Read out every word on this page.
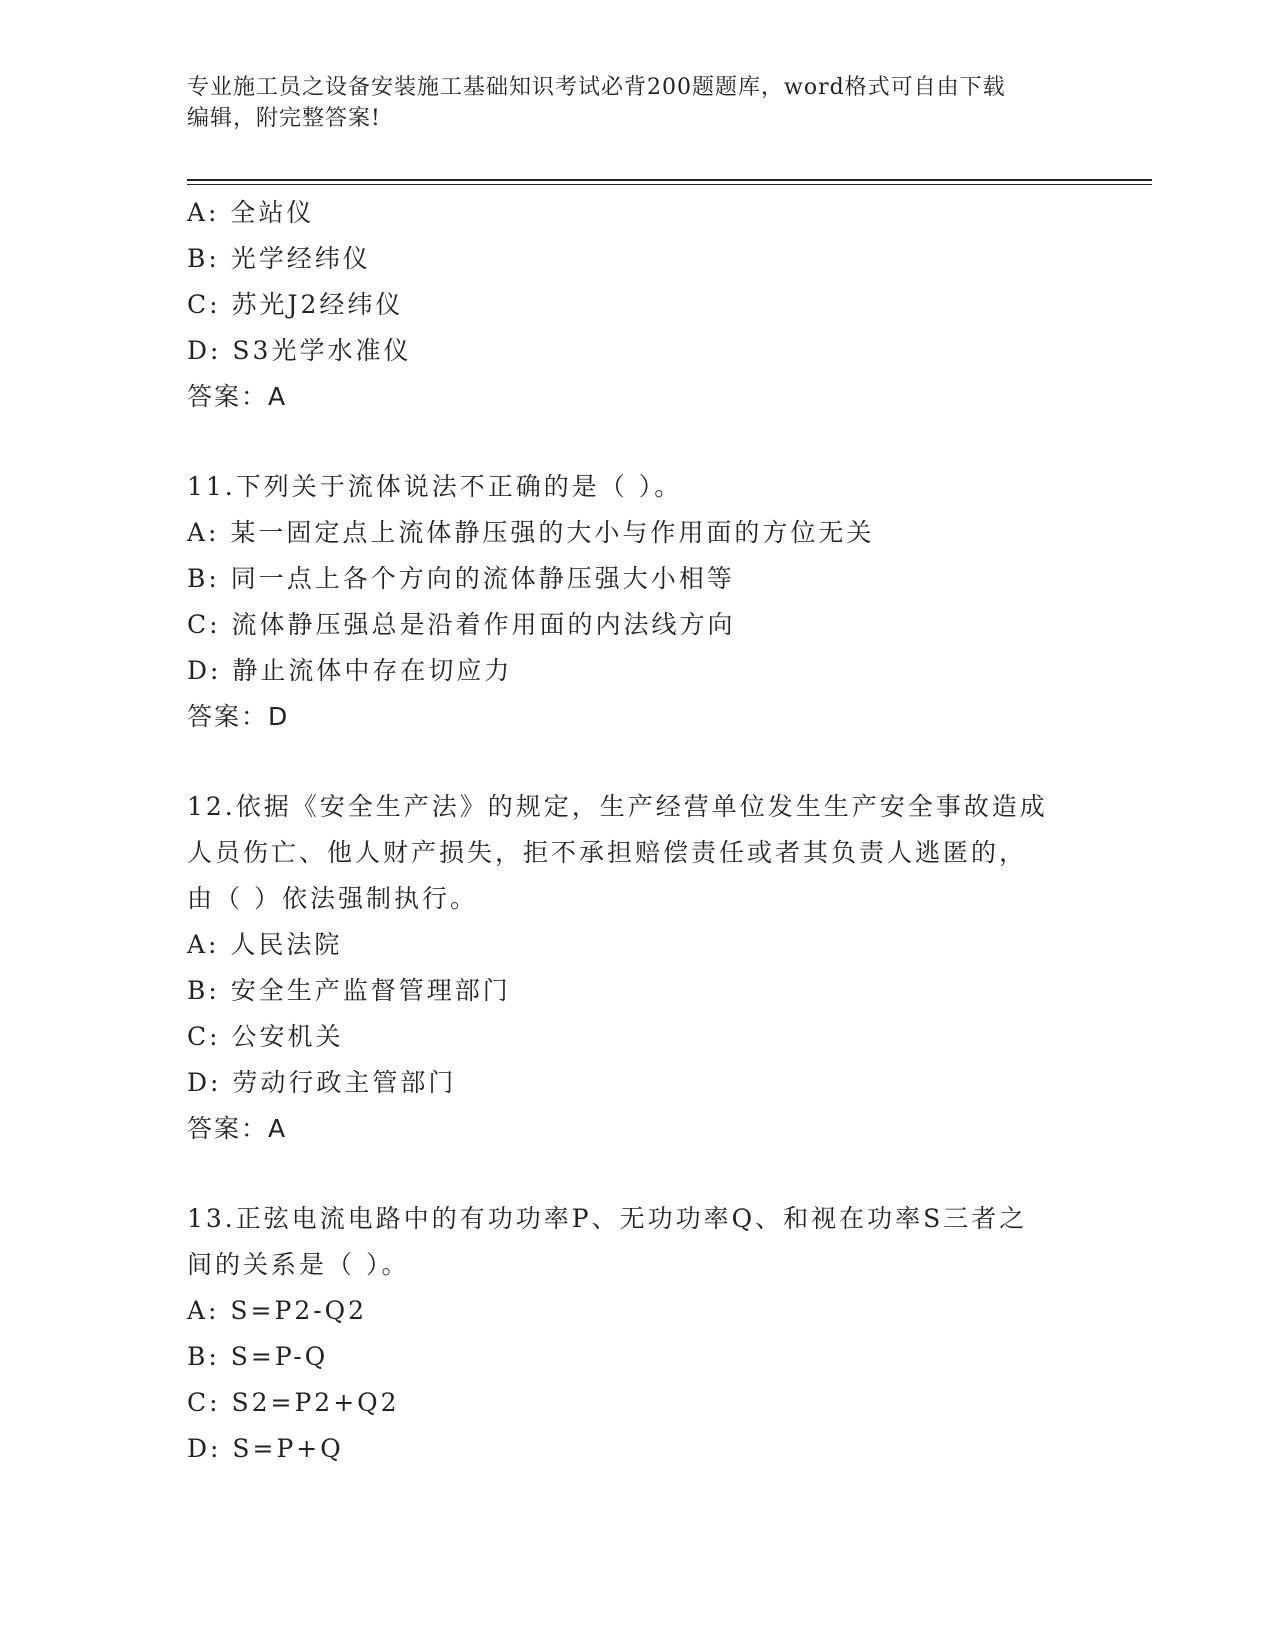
专业施工员之设备安装施工基础知识考试必背200题题库，word格式可自由下载
编辑，附完整答案!
A: 全站仪
B: 光学经纬仪
C: 苏光J2经纬仪
D: S3光学水准仪
答案：A
11.下列关于流体说法不正确的是（ ）。
A: 某一固定点上流体静压强的大小与作用面的方位无关
B: 同一点上各个方向的流体静压强大小相等
C: 流体静压强总是沿着作用面的内法线方向
D: 静止流体中存在切应力
答案：D
12.依据《安全生产法》的规定，生产经营单位发生生产安全事故造成
人员伤亡、他人财产损失，拒不承担赔偿责任或者其负责人逃匿的，
由（ ）依法强制执行。
A: 人民法院
B: 安全生产监督管理部门
C: 公安机关
D: 劳动行政主管部门
答案：A
13.正弦电流电路中的有功功率P、无功功率Q、和视在功率S三者之
间的关系是（ ）。
A: S=P2-Q2
B: S=P-Q
C: S2=P2+Q2
D: S=P+Q
